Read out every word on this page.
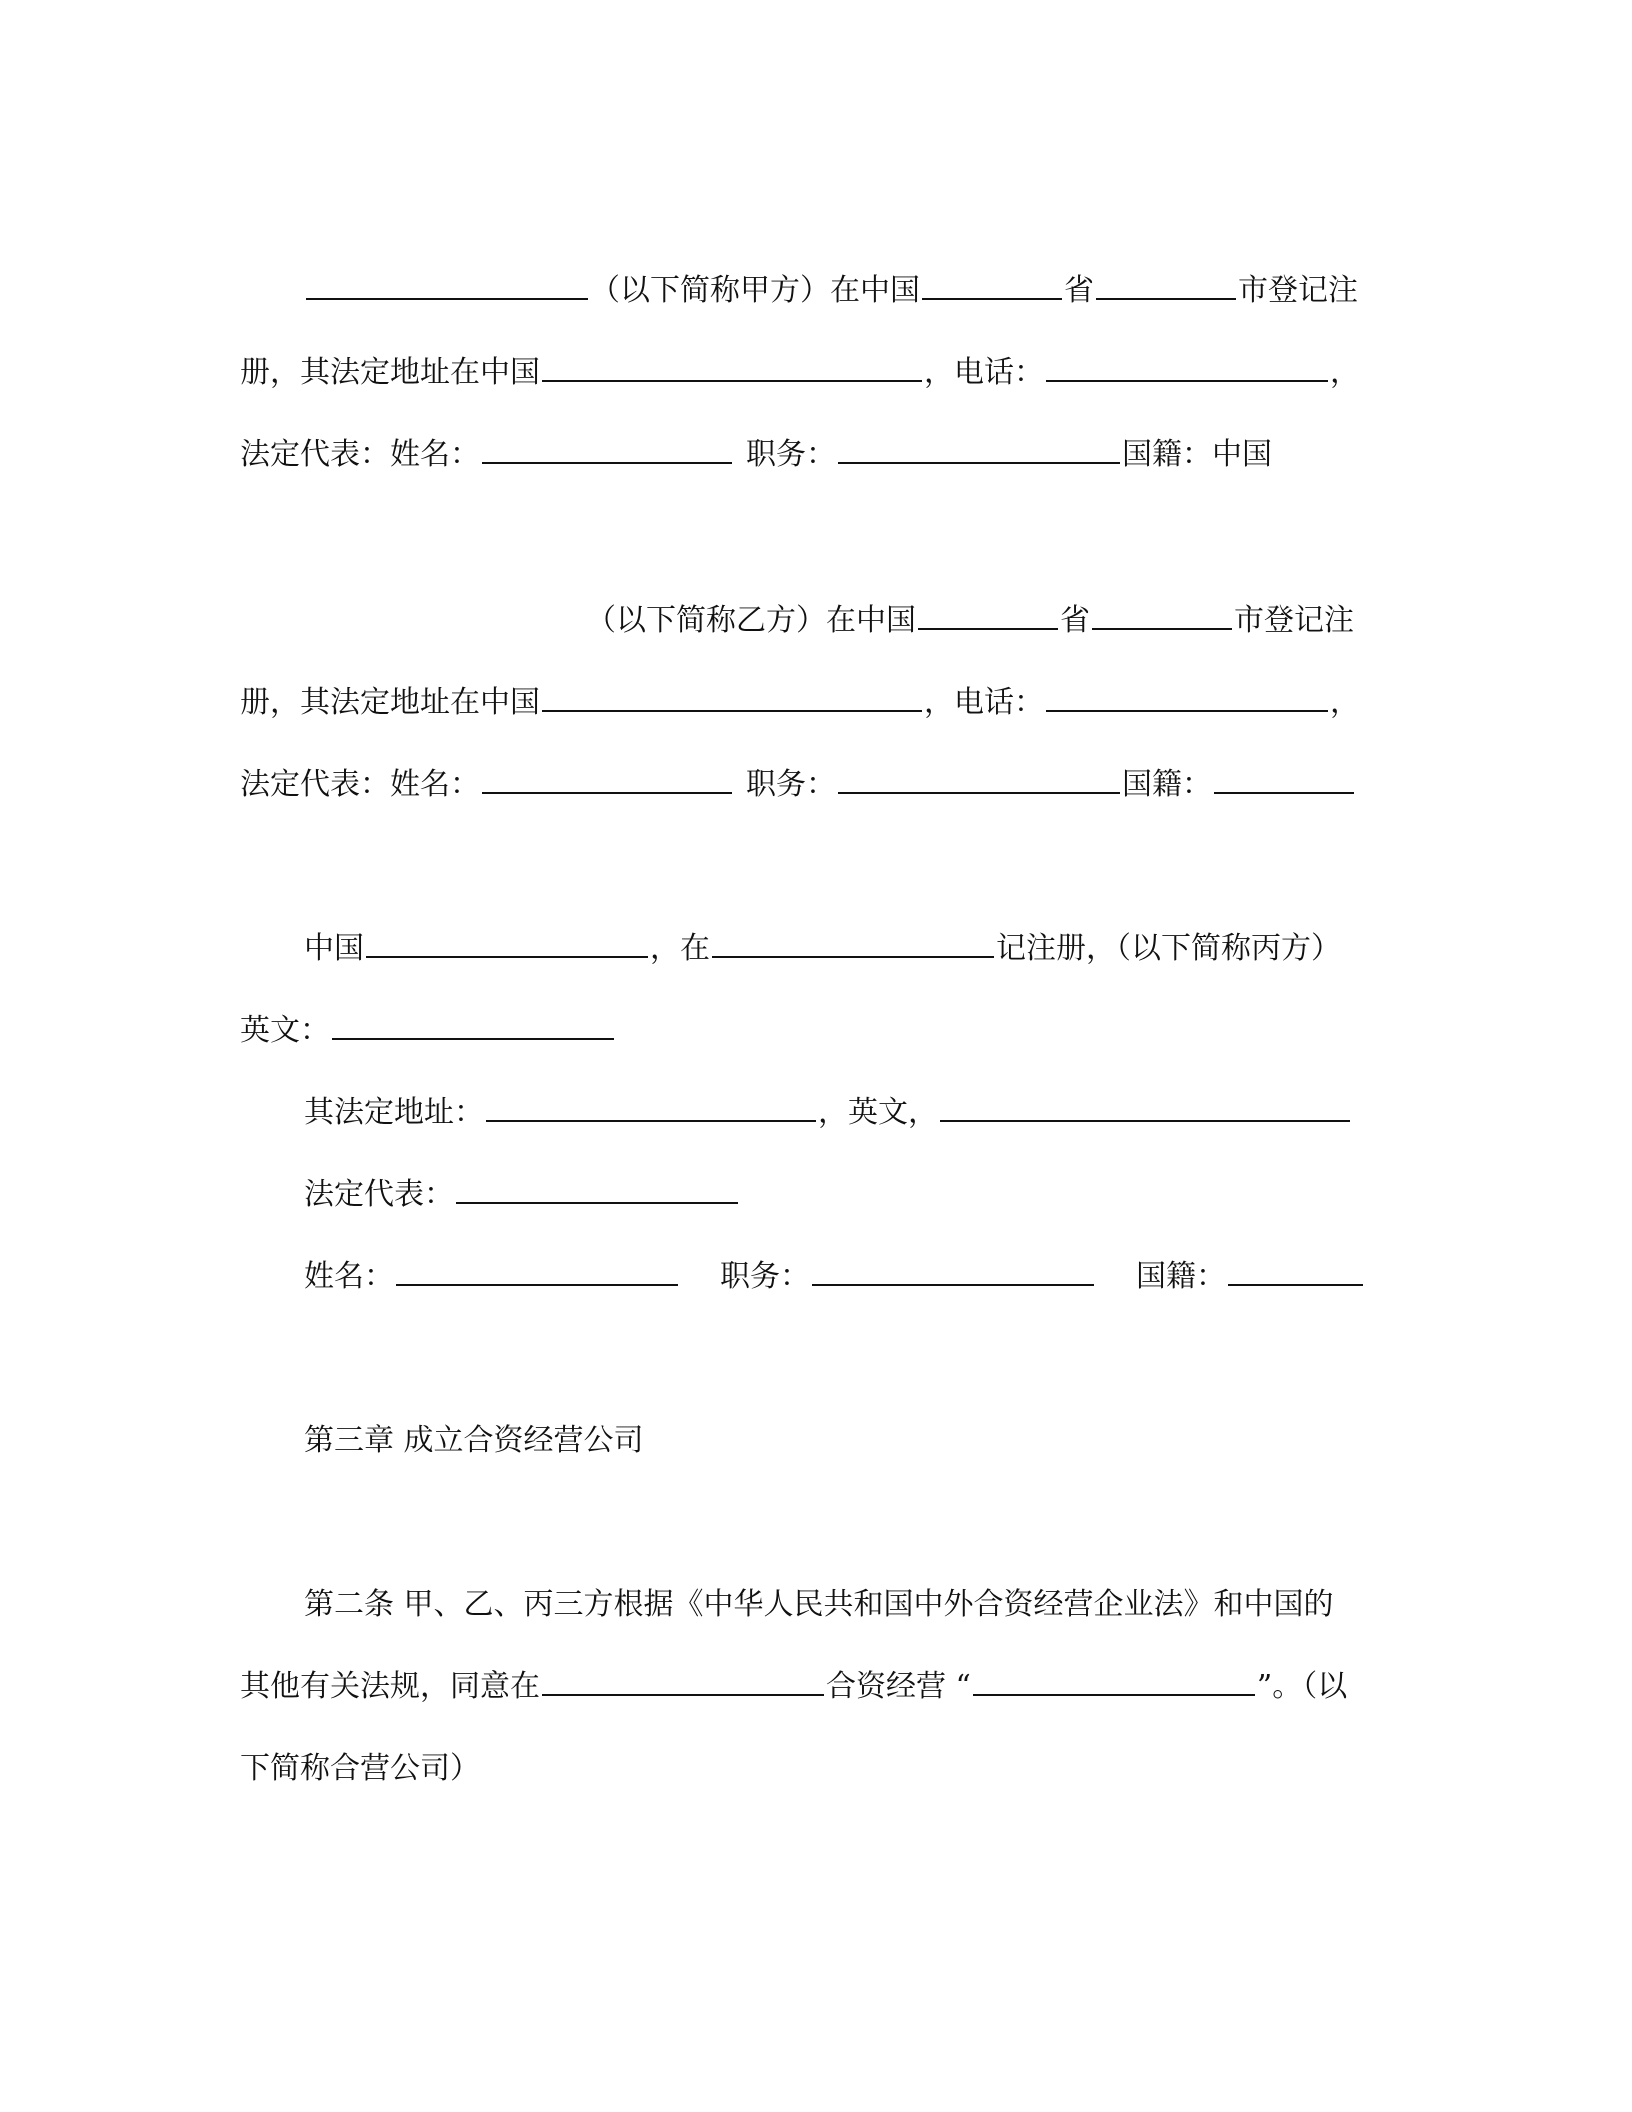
（以下简称甲方）在中国	省	市登记注
册，其法定地址在中国	，电话：	，
法定代表：姓名：	职务：	国籍：中国
（以下简称乙方）在中国	省	市登记注
册，其法定地址在中国	，电话：	，
法定代表：姓名：	职务：	国籍：
中国	，在	记注册，（以下简称丙方）
英文：
其法定地址：	，英文，
法定代表：
姓名：	职务：	国籍：
第三章 成立合资经营公司
第二条 甲、乙、丙三方根据《中华人民共和国中外合资经营企业法》和中国的
其他有关法规，同意在	合资经营 “	”。（以
下简称合营公司）
